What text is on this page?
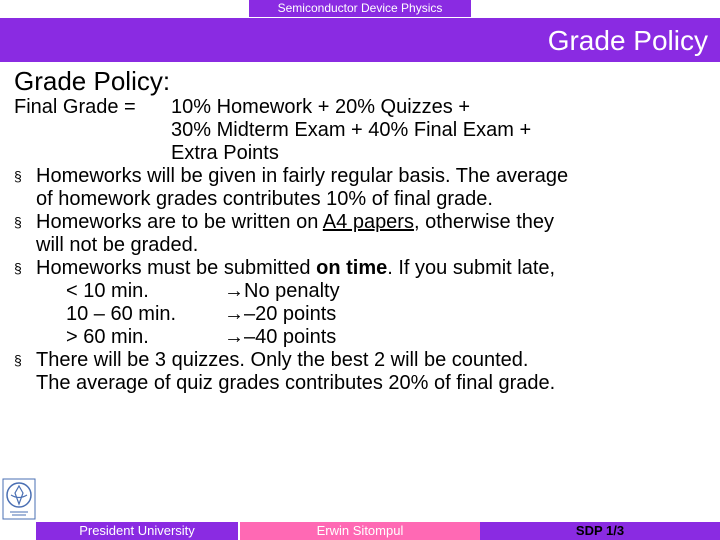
Semiconductor Device Physics
Grade Policy
Grade Policy:
Final Grade = 10% Homework + 20% Quizzes +
30% Midterm Exam + 40% Final Exam +
Extra Points
§ Homeworks will be given in fairly regular basis. The average
of homework grades contributes 10% of final grade.
§ Homeworks are to be written on A4 papers, otherwise they
will not be graded.
§ Homeworks must be submitted on time. If you submit late,
< 10 min.	→ No penalty
10 – 60 min. → –20 points
> 60 min.	→ –40 points
§ There will be 3 quizzes. Only the best 2 will be counted.
The average of quiz grades contributes 20% of final grade.
President University	Erwin Sitompul	SDP 1/3
